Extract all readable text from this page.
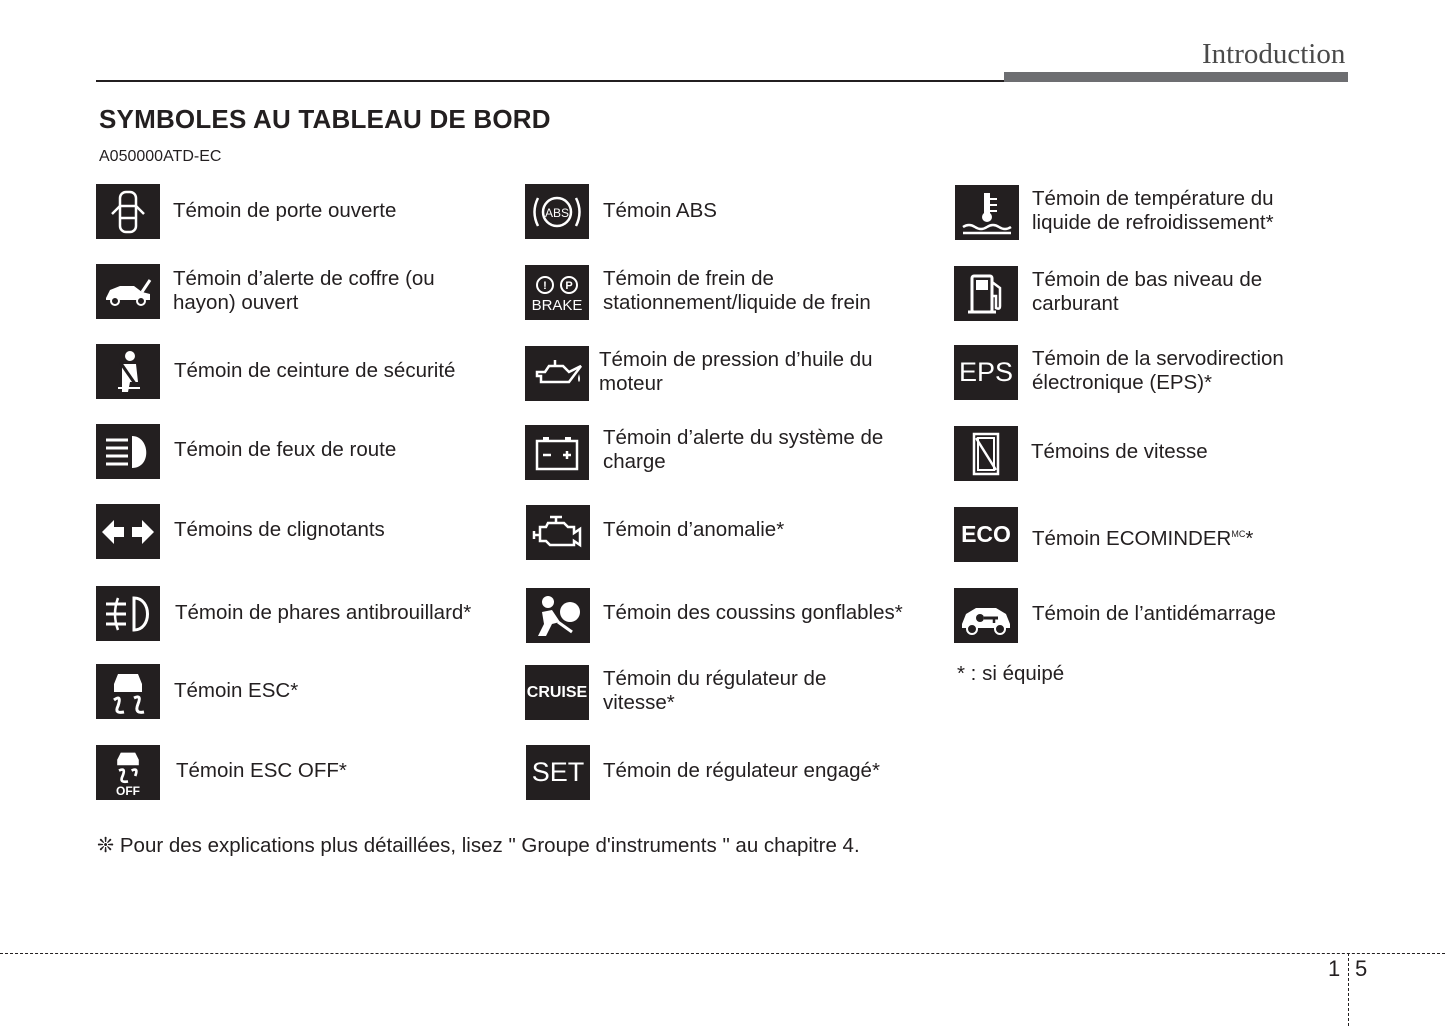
Introduction
SYMBOLES AU TABLEAU DE BORD
A050000ATD-EC
Témoin de porte ouverte
Témoin d’alerte de coffre (ou
hayon) ouvert
Témoin de ceinture de sécurité
Témoin de feux de route
Témoins de clignotants
Témoin de phares antibrouillard*
Témoin ESC*
OFF
Témoin ESC OFF*
ABS Témoin ABS
! P
BRAKE
Témoin de frein de
stationnement/liquide de frein
Témoin de pression d’huile du
moteur
Témoin d’alerte du système de
charge
Témoin d’anomalie*
Témoin des coussins gonflables*
CRUISE
Témoin du régulateur de
vitesse*
SET Témoin de régulateur engagé*
Témoin de température du
liquide de refroidissement*
Témoin de bas niveau de
carburant
EPS Témoin de la servodirection
électronique (EPS)*
Témoins de vitesse
ECO Témoin $ECOMINDER^{MC}*$
Témoin de l’antidémarrage
* : si équipé
❊ Pour des explications plus détaillées, lisez " Groupe d'instruments " au chapitre 4.
1 5
